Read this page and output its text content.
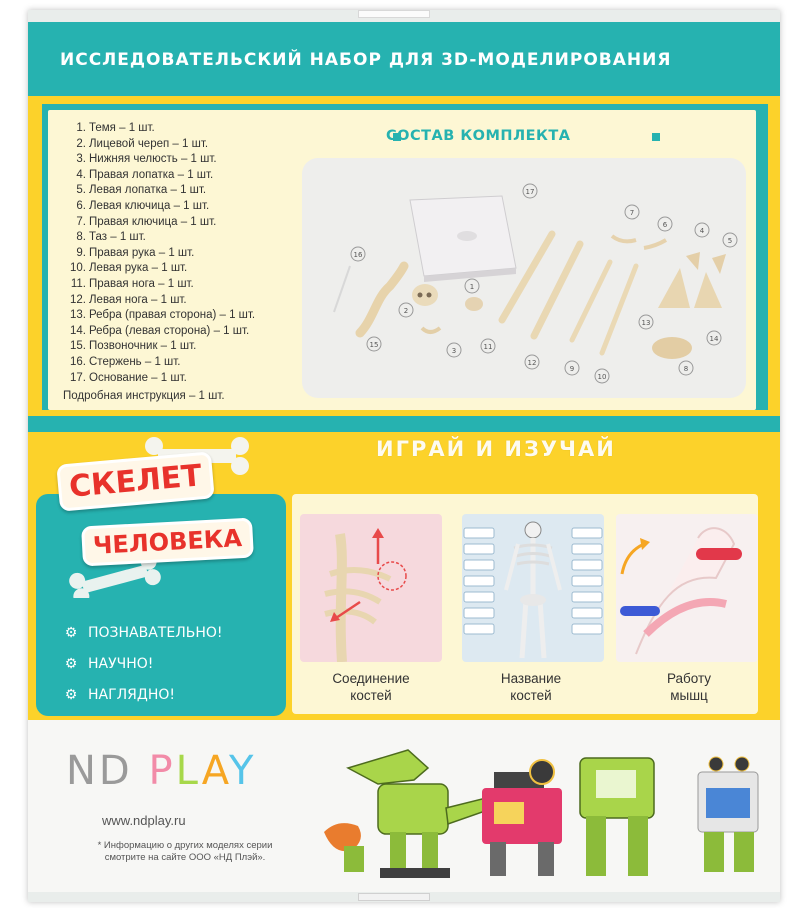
ИССЛЕДОВАТЕЛЬСКИЙ НАБОР ДЛЯ 3D-МОДЕЛИРОВАНИЯ
1. Темя – 1 шт.
2. Лицевой череп – 1 шт.
3. Нижняя челюсть – 1 шт.
4. Правая лопатка – 1 шт.
5. Левая лопатка – 1 шт.
6. Левая ключица – 1 шт.
7. Правая ключица – 1 шт.
8. Таз – 1 шт.
9. Правая рука – 1 шт.
10. Левая рука – 1 шт.
11. Правая нога – 1 шт.
12. Левая нога – 1 шт.
13. Ребра (правая сторона) – 1 шт.
14. Ребра (левая сторона) – 1 шт.
15. Позвоночник – 1 шт.
16. Стержень – 1 шт.
17. Основание – 1 шт.
Подробная инструкция – 1 шт.
СОСТАВ КОМПЛЕКТА
17
16
7
6
4
5
1
2
15
3	11
12
9
10
13
14
8
ИГРАЙ И ИЗУЧАЙ
СКЕЛЕТ
ЧЕЛОВЕКА
⚙ ПОЗНАВАТЕЛЬНО!
⚙ НАУЧНО!
⚙ НАГЛЯДНО!
Соединение
костей
Название
костей
Работу
мышц
ND PLAY
www.ndplay.ru
* Информацию о других моделях серии смотрите на сайте ООО «НД Плэй».
